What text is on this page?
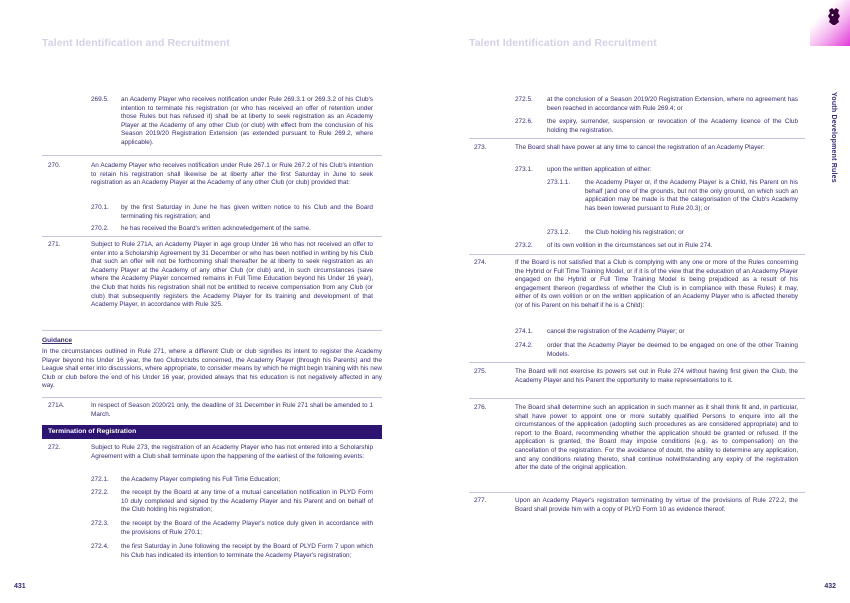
Talent Identification and Recruitment
269.5. an Academy Player who receives notification under Rule 269.3.1 or 269.3.2 of his Club's intention to terminate his registration (or who has received an offer of retention under those Rules but has refused it) shall be at liberty to seek registration as an Academy Player at the Academy of any other Club (or club) with effect from the conclusion of his Season 2019/20 Registration Extension (as extended pursuant to Rule 269.2, where applicable).
270.	An Academy Player who receives notification under Rule 267.1 or Rule 267.2 of his Club's intention to retain his registration shall likewise be at liberty after the first Saturday in June to seek registration as an Academy Player at the Academy of any other Club (or club) provided that:
270.1. by the first Saturday in June he has given written notice to his Club and the Board terminating his registration; and
270.2. he has received the Board's written acknowledgement of the same.
271.	Subject to Rule 271A, an Academy Player in age group Under 16 who has not received an offer to enter into a Scholarship Agreement by 31 December or who has been notified in writing by his Club that such an offer will not be forthcoming shall thereafter be at liberty to seek registration as an Academy Player at the Academy of any other Club (or club) and, in such circumstances (save where the Academy Player concerned remains in Full Time Education beyond his Under 16 year), the Club that holds his registration shall not be entitled to receive compensation from any Club (or club) that subsequently registers the Academy Player for its training and development of that Academy Player, in accordance with Rule 325.
Guidance
In the circumstances outlined in Rule 271, where a different Club or club signifies its intent to register the Academy Player beyond his Under 16 year, the two Clubs/clubs concerned, the Academy Player (through his Parents) and the League shall enter into discussions, where appropriate, to consider means by which he might begin training with his new Club or club before the end of his Under 16 year, provided always that his education is not negatively affected in any way.
271A.	In respect of Season 2020/21 only, the deadline of 31 December in Rule 271 shall be amended to 1 March.
Termination of Registration
272.	Subject to Rule 273, the registration of an Academy Player who has not entered into a Scholarship Agreement with a Club shall terminate upon the happening of the earliest of the following events:
272.1. the Academy Player completing his Full Time Education;
272.2. the receipt by the Board at any time of a mutual cancellation notification in PLYD Form 10 duly completed and signed by the Academy Player and his Parent and on behalf of the Club holding his registration;
272.3. the receipt by the Board of the Academy Player's notice duly given in accordance with the provisions of Rule 270.1;
272.4. the first Saturday in June following the receipt by the Board of PLYD Form 7 upon which his Club has indicated its intention to terminate the Academy Player's registration;
431
Talent Identification and Recruitment
Youth Development Rules
272.5. at the conclusion of a Season 2019/20 Registration Extension, where no agreement has been reached in accordance with Rule 269.4; or
272.6. the expiry, surrender, suspension or revocation of the Academy licence of the Club holding the registration.
273.	The Board shall have power at any time to cancel the registration of an Academy Player:
273.1. upon the written application of either:
273.1.1. the Academy Player or, if the Academy Player is a Child, his Parent on his behalf (and one of the grounds, but not the only ground, on which such an application may be made is that the categorisation of the Club's Academy has been lowered pursuant to Rule 20.3); or
273.1.2. the Club holding his registration; or
273.2. of its own volition in the circumstances set out in Rule 274.
274.	If the Board is not satisfied that a Club is complying with any one or more of the Rules concerning the Hybrid or Full Time Training Model, or if it is of the view that the education of an Academy Player engaged on the Hybrid or Full Time Training Model is being prejudiced as a result of his engagement thereon (regardless of whether the Club is in compliance with these Rules) it may, either of its own volition or on the written application of an Academy Player who is affected thereby (or of his Parent on his behalf if he is a Child):
274.1. cancel the registration of the Academy Player; or
274.2. order that the Academy Player be deemed to be engaged on one of the other Training Models.
275.	The Board will not exercise its powers set out in Rule 274 without having first given the Club, the Academy Player and his Parent the opportunity to make representations to it.
276.	The Board shall determine such an application in such manner as it shall think fit and, in particular, shall have power to appoint one or more suitably qualified Persons to enquire into all the circumstances of the application (adopting such procedures as are considered appropriate) and to report to the Board, recommending whether the application should be granted or refused. If the application is granted, the Board may impose conditions (e.g. as to compensation) on the cancellation of the registration. For the avoidance of doubt, the ability to determine any application, and any conditions relating thereto, shall continue notwithstanding any expiry of the registration after the date of the original application.
277.	Upon an Academy Player's registration terminating by virtue of the provisions of Rule 272.2, the Board shall provide him with a copy of PLYD Form 10 as evidence thereof.
432
